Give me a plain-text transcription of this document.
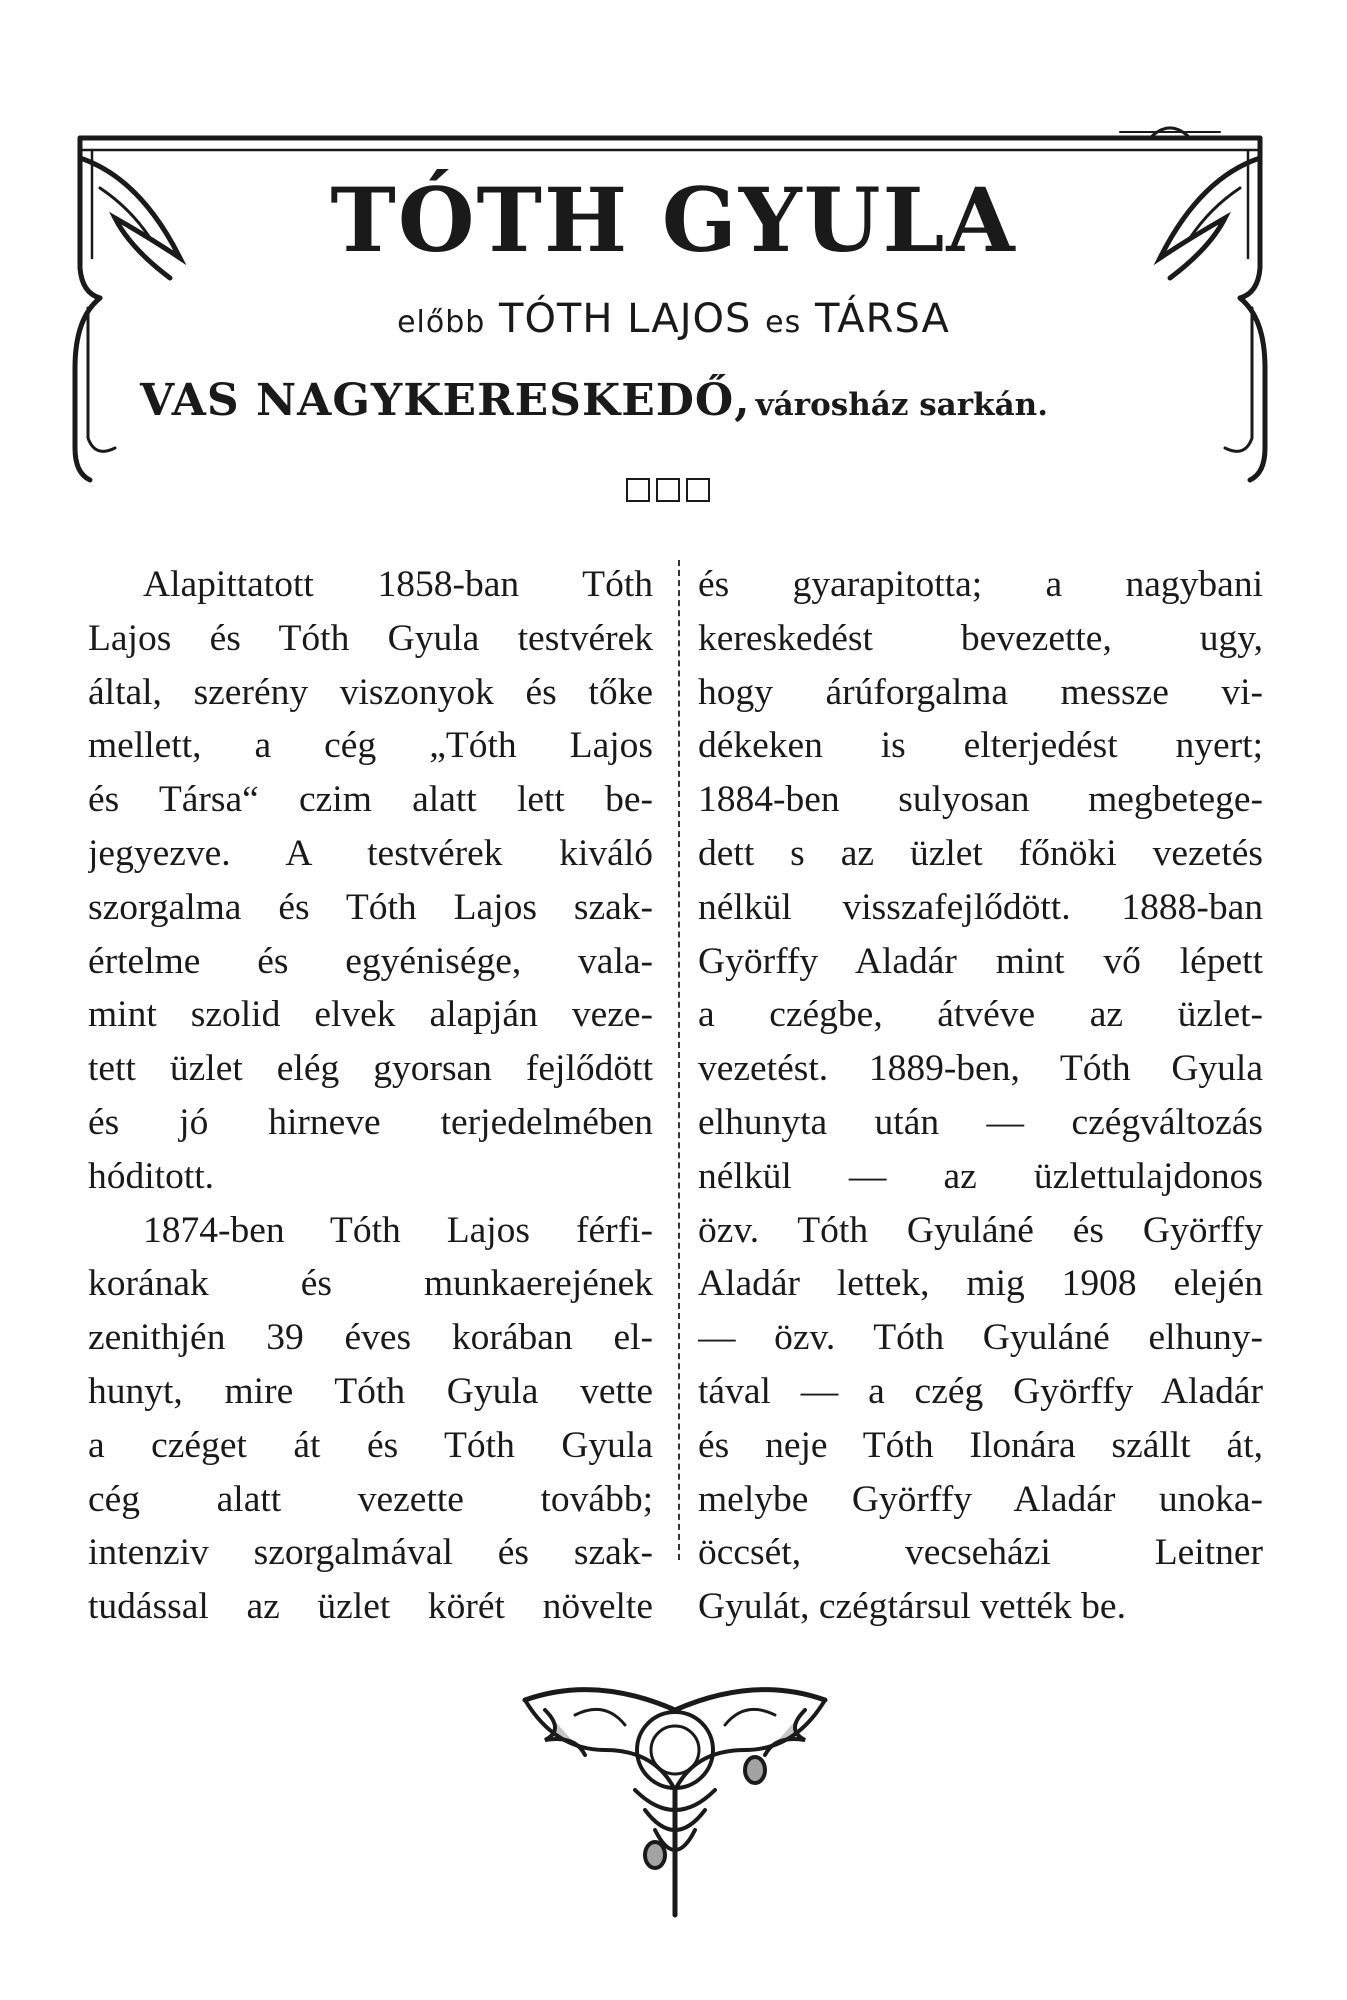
TÓTH GYULA
előbb TÓTH LAJOS es TÁRSA
VAS NAGYKERESKEDŐ, városház sarkán.
Alapittatott 1858-ban Tóth
Lajos és Tóth Gyula testvérek
által, szerény viszonyok és tőke
mellett, a cég „Tóth Lajos
és Társa“ czim alatt lett be-
jegyezve. A testvérek kiváló
szorgalma és Tóth Lajos szak-
értelme és egyénisége, vala-
mint szolid elvek alapján veze-
tett üzlet elég gyorsan fejlődött
és jó hirneve terjedelmében
hóditott.
1874-ben Tóth Lajos férfi-
korának és munkaerejének
zenithjén 39 éves korában el-
hunyt, mire Tóth Gyula vette
a czéget át és Tóth Gyula
cég alatt vezette tovább;
intenziv szorgalmával és szak-
tudással az üzlet körét növelte
és gyarapitotta; a nagybani
kereskedést bevezette, ugy,
hogy árúforgalma messze vi-
dékeken is elterjedést nyert;
1884-ben sulyosan megbetege-
dett s az üzlet főnöki vezetés
nélkül visszafejlődött. 1888-ban
Györffy Aladár mint vő lépett
a czégbe, átvéve az üzlet-
vezetést. 1889-ben, Tóth Gyula
elhunyta után — czégváltozás
nélkül — az üzlettulajdonos
özv. Tóth Gyuláné és Györffy
Aladár lettek, mig 1908 elején
— özv. Tóth Gyuláné elhuny-
tával — a czég Györffy Aladár
és neje Tóth Ilonára szállt át,
melybe Györffy Aladár unoka-
öccsét, vecseházi Leitner
Gyulát, czégtársul vették be.
